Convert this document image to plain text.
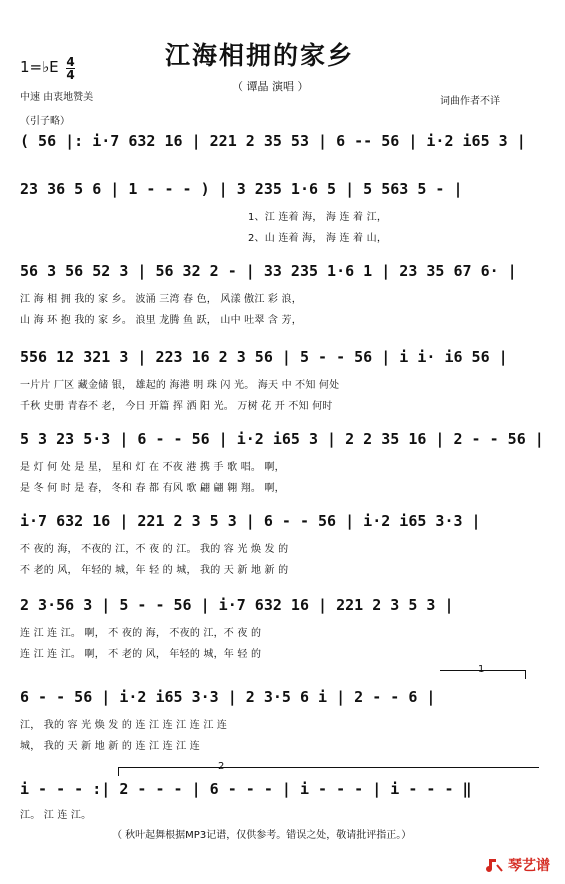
江海相拥的家乡
1=♭E 4
4
（ 谭晶 演唱 ）
中速 由衷地赞美	词曲作者不详
（引子略）
( 56 |: i·7 632 16 | 221 2 35 53 | 6 -- 56 | i·2 i65 3 |
23 36 5 6 | 1 - - - ) | 3 235 1·6 5 | 5 563 5 - |
1、江 连着 海， 海 连 着 江，
2、山 连着 海， 海 连 着 山，
56 3 56 52 3 | 56 32 2 - | 33 235 1·6 1 | 23 35 67 6· |
江 海 相 拥 我的 家 乡。 波涌 三湾 春 色， 风漾 傲江 彩 浪，
山 海 环 抱 我的 家 乡。 浪里 龙腾 鱼 跃， 山中 吐翠 含 芳，
556 12 321 3 | 223 16 2 3 56 | 5 - - 56 | i i· i6 56 |
一片片 厂区 藏金储 银， 雄起的 海港 明 珠 闪 光。 海天 中 不知 何处
千秋 史册 青春不 老， 今日 开篇 挥 洒 阳 光。 万树 花 开 不知 何时
5 3 23 5·3 | 6 - - 56 | i·2 i65 3 | 2 2 35 16 | 2 - - 56 |
是 灯 何 处 是 星， 星和 灯 在 不夜 港 携 手 歌 唱。 啊，
是 冬 何 时 是 春， 冬和 春 都 有风 歌 翩 翩 翱 翔。 啊，
i·7 632 16 | 221 2 3 5 3 | 6 - - 56 | i·2 i65 3·3 |
不 夜的 海， 不夜的 江，不 夜 的 江。 我的 容 光 焕 发 的
不 老的 风， 年轻的 城，年 轻 的 城， 我的 天 新 地 新 的
2 3·56 3 | 5 - - 56 | i·7 632 16 | 221 2 3 5 3 |
连 江 连 江。 啊， 不 夜的 海， 不夜的 江，不 夜 的
连 江 连 江。 啊， 不 老的 风， 年轻的 城，年 轻 的
1
6 - - 56 | i·2 i65 3·3 | 2 3·5 6 i | 2 - - 6 |
江， 我的 容 光 焕 发 的 连 江 连 江 连 江 连
城， 我的 天 新 地 新 的 连 江 连 江 连
2
i - - - :| 2 - - - | 6 - - - | i - - - | i - - - ‖
江。 江 连 江。
（ 秋叶起舞根据MP3记谱，仅供参考。错误之处，敬请批评指正。）
琴艺谱
